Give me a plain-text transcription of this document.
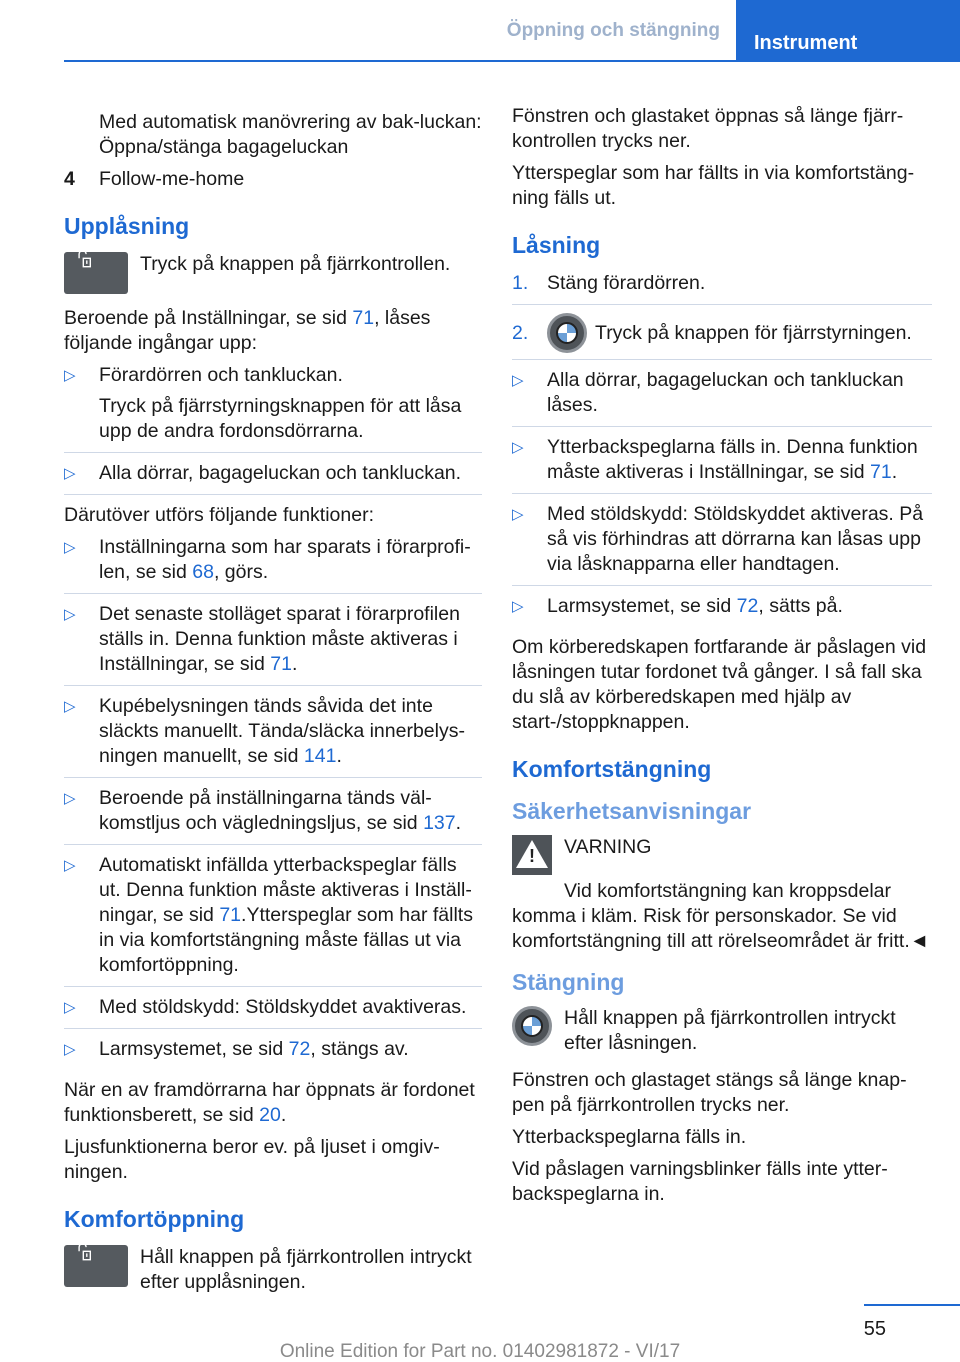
Öppning och stängning
Instrument

Med automatisk manövrering av bak-luckan: Öppna/stänga bagageluckan

4	Follow-me-home
Upplåsning
Tryck på knappen på fjärrkontrollen.

Beroende på Inställningar, se sid 71, låses följande ingångar upp:

▷	Förardörren och tankluckan.
Tryck på fjärrstyrningsknappen för att låsa upp de andra fordonsdörrarna.
▷	Alla dörrar, bagageluckan och tankluckan.

Därutöver utförs följande funktioner:

▷	Inställningarna som har sparats i förarprofi-len, se sid 68, görs.
▷	Det senaste stolläget sparat i förarprofilen ställs in. Denna funktion måste aktiveras i Inställningar, se sid 71.
▷	Kupébelysningen tänds såvida det inte släckts manuellt. Tända/släcka innerbelys-ningen manuellt, se sid 141.
▷	Beroende på inställningarna tänds väl-komstljus och vägledningsljus, se sid 137.
▷	Automatiskt infällda ytterbackspeglar fälls ut. Denna funktion måste aktiveras i Inställ-ningar, se sid 71.Ytterspeglar som har fällts in via komfortstängning måste fällas ut via komfortöppning.
▷	Med stöldskydd: Stöldskyddet avaktiveras.
▷	Larmsystemet, se sid 72, stängs av.

När en av framdörrarna har öppnats är fordonet funktionsberett, se sid 20.

Ljusfunktionerna beror ev. på ljuset i omgiv-ningen.

Komfortöppning
Håll knappen på fjärrkontrollen intryckt efter upplåsningen.

Fönstren och glastaket öppnas så länge fjärr-kontrollen trycks ner.

Ytterspeglar som har fällts in via komfortstäng-ning fälls ut.

Låsning
1. Stäng förardörren.
2.	Tryck på knappen för fjärrstyrningen.
▷	Alla dörrar, bagageluckan och tankluckan låses.
▷	Ytterbackspeglarna fälls in. Denna funktion måste aktiveras i Inställningar, se sid 71.
▷	Med stöldskydd: Stöldskyddet aktiveras. På så vis förhindras att dörrarna kan låsas upp via låsknapparna eller handtagen.
▷	Larmsystemet, se sid 72, sätts på.

Om körberedskapen fortfarande är påslagen vid låsningen tutar fordonet två gånger. I så fall ska du slå av körberedskapen med hjälp av start-/stoppknappen.

Komfortstängning
Säkerhetsanvisningar
! VARNING
Vid komfortstängning kan kroppsdelar komma i kläm. Risk för personskador. Se vid komfortstängning till att rörelseområdet är fritt.◄
Stängning
Håll knappen på fjärrkontrollen intryckt efter låsningen.

Fönstren och glastaget stängs så länge knap-pen på fjärrkontrollen trycks ner.

Ytterbackspeglarna fälls in.

Vid påslagen varningsblinker fälls inte ytter-backspeglarna in.

55
Online Edition for Part no. 01402981872 - VI/17
